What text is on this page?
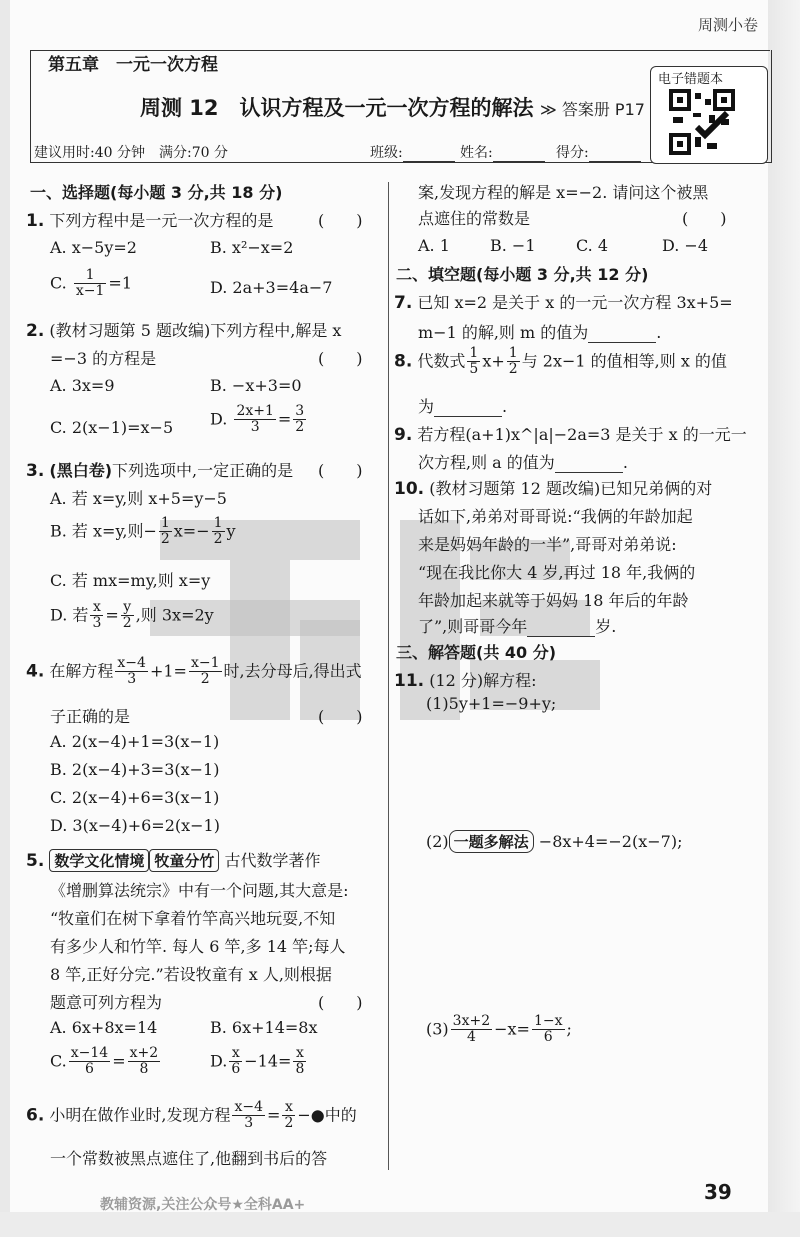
周测小卷
第五章　一元一次方程
周测 12　认识方程及一元一次方程的解法 ≫ 答案册 P17
电子错题本
建议用时:40 分钟　满分:70 分	班级:	姓名:	得分:
一、选择题(每小题 3 分,共 18 分)
1. 下列方程中是一元一次方程的是	(　　)
A. x−5y=2	B. x²−x=2
C. $\frac{1}{x-1} =1$	D. 2a+3=4a−7
2. (教材习题第 5 题改编)下列方程中,解是 x
=−3 的方程是	(　　)
A. 3x=9	B. −x+3=0
C. 2(x−1)=x−5 D. $\frac{2x+1}{3} = \frac{3}{2}$
3. (黑白卷)下列选项中,一定正确的是 (　　)
A. 若 x=y,则 x+5=y−5
B. 若 x=y,则− $\frac{1}{2} x=- \frac{1}{2}$ y
C. 若 mx=my,则 x=y
D. 若 $\frac{x}{3} = \frac{y}{2}$ ,则 3x=2y
4. 在解方程 $\frac{x-4}{3} +1= \frac{x-1}{2}$ 时,去分母后,得出式
子正确的是	(　　)
A. 2(x−4)+1=3(x−1)
B. 2(x−4)+3=3(x−1)
C. 2(x−4)+6=3(x−1)
D. 3(x−4)+6=2(x−1)
5. 数学文化情境 牧童分竹 古代数学著作
《增删算法统宗》中有一个问题,其大意是:
“牧童们在树下拿着竹竿高兴地玩耍,不知
有多少人和竹竿. 每人 6 竿,多 14 竿;每人
8 竿,正好分完.”若设牧童有 x 人,则根据
题意可列方程为	(　　)
A. 6x+8x=14	B. 6x+14=8x
C. $\frac{x-14}{6} = \frac{x+2}{8}$	D. $\frac{x}{6} -14= \frac{x}{8}$
6. 小明在做作业时,发现方程 $\frac{x-4}{3} = \frac{x}{2}$ −●中的
一个常数被黑点遮住了,他翻到书后的答
案,发现方程的解是 x=−2. 请问这个被黑
点遮住的常数是	(　　)
A. 1	B. −1	C. 4	D. −4
二、填空题(每小题 3 分,共 12 分)
7. 已知 x=2 是关于 x 的一元一次方程 3x+5=
m−1 的解,则 m 的值为	.
8. 代数式 $\frac{1}{5} x+ \frac{1}{2}$ 与 2x−1 的值相等,则 x 的值
为	.
9. 若方程(a+1)x^|a|−2a=3 是关于 x 的一元一
次方程,则 a 的值为	.
10. (教材习题第 12 题改编)已知兄弟俩的对
话如下,弟弟对哥哥说:“我俩的年龄加起
来是妈妈年龄的一半”,哥哥对弟弟说:
“现在我比你大 4 岁,再过 18 年,我俩的
年龄加起来就等于妈妈 18 年后的年龄
了”,则哥哥今年	岁.
三、解答题(共 40 分)
11. (12 分)解方程:
(1)5y+1=−9+y;
(2) 一题多解法 −8x+4=−2(x−7);
$(3) \frac{3x+2}{4} -x= \frac{1-x}{6}$ ;
教辅资源,关注公众号★全科AA+
39
